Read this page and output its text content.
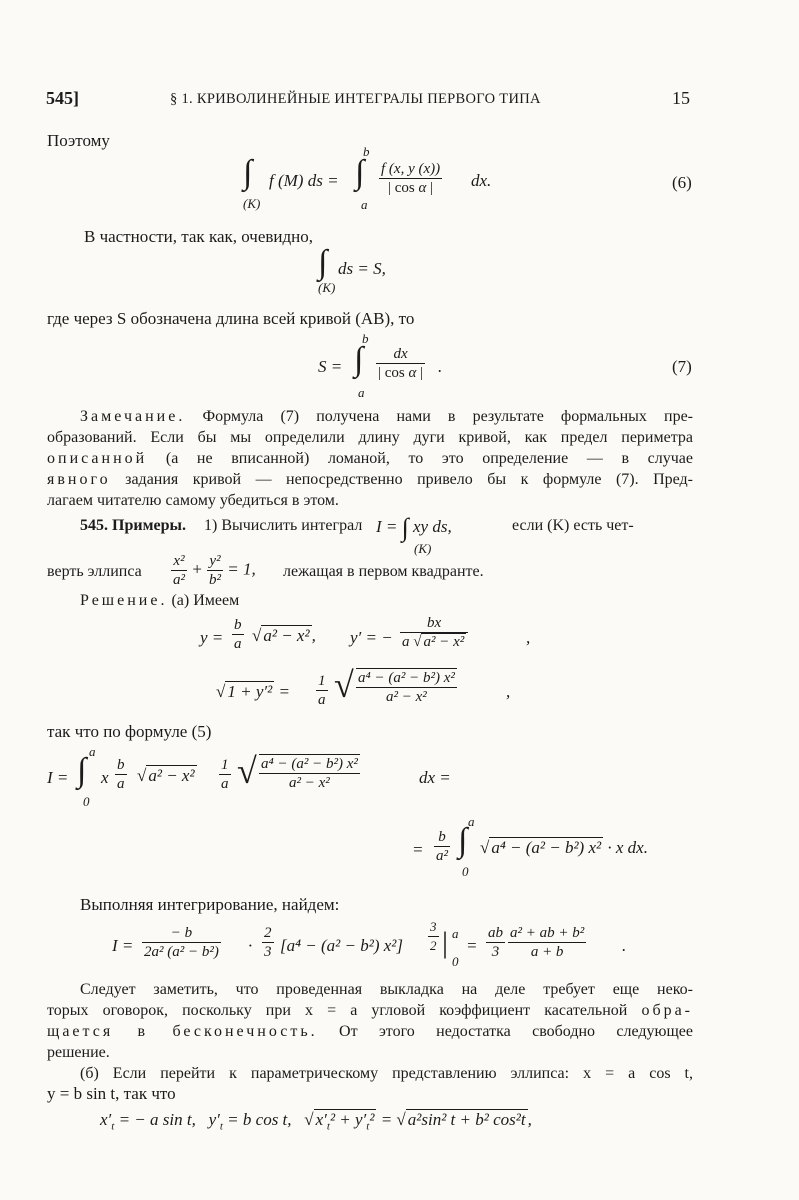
545]	§ 1. КРИВОЛИНЕЙНЫЕ ИНТЕГРАЛЫ ПЕРВОГО ТИПА	15
Поэтому
∫
(K)
f (M) ds = ∫
b
a
$\frac{f (x, y (x))}{\text{| cos α |}}$ dx.	(6)
В частности, так как, очевидно,
∫
(K)
ds = S,
где через S обозначена длина всей кривой (AB), то
S = ∫
b
a
$\frac{dx}{\text{| cos α |}}$ .	(7)
Замечание. Формула (7) получена нами в результате формальных пре-
образований. Если бы мы определили длину дуги кривой, как предел периметра
описанной (а не вписанной) ломаной, то это определение — в случае
явного задания кривой — непосредственно привело бы к формуле (7). Пред-
лагаем читателю самому убедиться в этом.
545. Примеры. 1) Вычислить интеграл I = ∫ xy ds,
(K)
если (K) есть чет-
верть эллипса $\frac{\text{x²}}{\text{a²}} + \frac{\text{y²}}{\text{b²}} = 1$, лежащая в первом квадранте.
Решение. (a) Имеем
$y = \frac{b}{a}$ √ a² − x² , y′ = − $\frac{bx}{\text{a √ a² − x²}}$	,
√ $1 + y'^2 = \frac{1}{a}$ √ $\frac{\text{a⁴ − (a² − b²) x²}}{\text{a² − x²}}$	,
так что по формуле (5)
I = ∫
a
0
x $\frac{b}{a}$ √ $a^2 - x^2 \frac{1}{a}$ √ $\frac{\text{a⁴ − (a² − b²) x²}}{\text{a² − x²}}$	dx =
= $\frac{b}{\text{a²}}$ ∫
a
0
√ a⁴ − (a² − b²) x² · x dx.
Выполняя интегрирование, найдем:
$I = \frac{- b}{\text{2a² (a² − b²)}} \cdot \frac{2}{3} [a^4 - (a^2 - b^2)$ $x^2] \frac{3}{2}$ | a
0
= $\frac{ab}{3} \frac{\text{a² + ab + b²}}{a + b}$ .
Следует заметить, что проведенная выкладка на деле требует еще неко-
торых оговорок, поскольку при x = a угловой коэффициент касательной обра-
щается в бесконечность. От этого недостатка свободно следующее
решение.
(б) Если перейти к параметрическому представлению эллипса: x = a cos t,
y = b sin t, так что
$x'_t$ = − a sin t,   $y'_t = b$ cos t,   √ $x'_t^2 + y'_t^2$ = √ a²sin² t + b² cos²t ,
